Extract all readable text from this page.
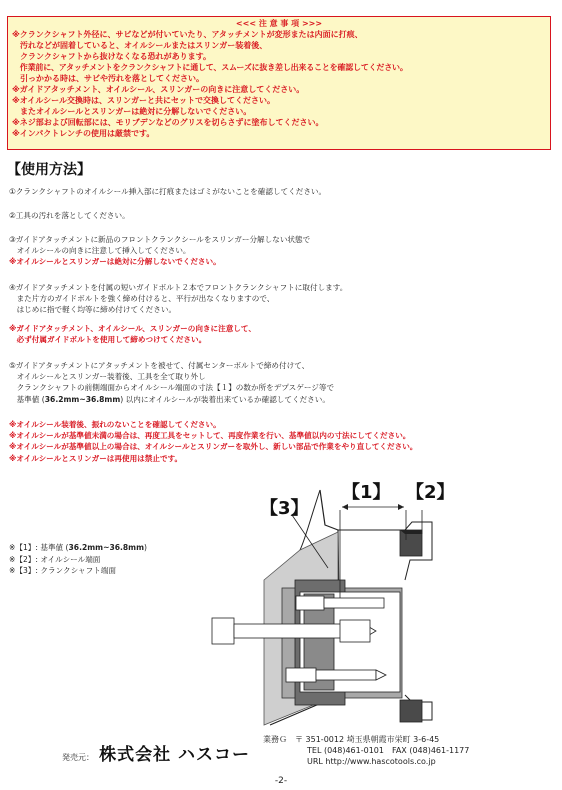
<<< 注 意 事 項 >>>
※クランクシャフト外径に、サビなどが付いていたり、アタッチメントが変形または内面に打痕、
　汚れなどが固着していると、オイルシールまたはスリンガー装着後、
　クランクシャフトから抜けなくなる恐れがあります。
　作業前に、アタッチメントをクランクシャフトに通して、スムーズに抜き差し出来ることを確認してください。
　引っかかる時は、サビや汚れを落としてください。
※ガイドアタッチメント、オイルシール、スリンガーの向きに注意してください。
※オイルシール交換時は、スリンガーと共にセットで交換してください。
　またオイルシールとスリンガーは絶対に分解しないでください。
※ネジ部および回転部には、モリブデンなどのグリスを切らさずに塗布してください。
※インパクトレンチの使用は厳禁です。
【使用方法】
①クランクシャフトのオイルシール挿入部に打痕またはゴミがないことを確認してください。
②工具の汚れを落としてください。
③ガイドアタッチメントに新品のフロントクランクシールをスリンガー分解しない状態で
　オイルシールの向きに注意して挿入してください。
※オイルシールとスリンガーは絶対に分解しないでください。
④ガイドアタッチメントを付属の短いガイドボルト２本でフロントクランクシャフトに取付します。
　また片方のガイドボルトを強く締め付けると、平行が出なくなりますので、
　はじめに指で軽く均等に締め付けてください。
※ガイドアタッチメント、オイルシール、スリンガーの向きに注意して、
　必ず付属ガイドボルトを使用して締めつけてください。
⑤ガイドアタッチメントにアタッチメントを被せて、付属センターボルトで締め付けて、
　オイルシールとスリンガー装着後、工具を全て取り外し
　クランクシャフトの前側端面からオイルシール端面の寸法【１】の数か所をデプスゲージ等で
　基準値 (36.2mm~36.8mm) 以内にオイルシールが装着出来ているか確認してください。
※オイルシール装着後、振れのないことを確認してください。
※オイルシールが基準値未満の場合は、再度工具をセットして、再度作業を行い、基準値以内の寸法にしてください。
※オイルシールが基準値以上の場合は、オイルシールとスリンガーを取外し、新しい部品で作業をやり直してください。
※オイルシールとスリンガーは再使用は禁止です。
※【1】: 基準値 (36.2mm~36.8mm)
※【2】: オイルシール端面
※【3】: クランクシャフト端面
【1】 【2】
【3】
発売元： 株式会社 ハスコー
業務Ｇ　〒 351-0012 埼玉県朝霞市栄町 3-6-45
TEL (048)461-0101　FAX (048)461-1177
URL http://www.hascotools.co.jp
-2-
